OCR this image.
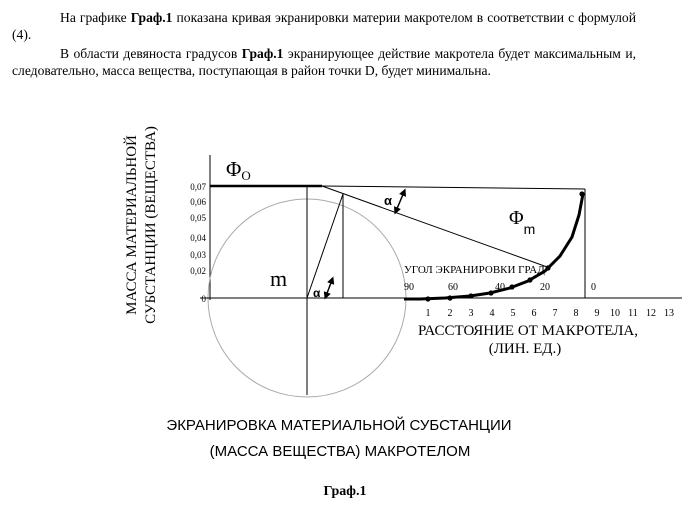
На графике Граф.1 показана кривая экранировки материи макротелом в соответствии с формулой (4).

В области девяноста градусов Граф.1 экранирующее действие макротела будет максимальным и, следовательно, масса вещества, поступающая в район точки D, будет минимальна.

МАССА МАТЕРИАЛЬНОЙ СУБСТАНЦИИ (ВЕЩЕСТВА)	0,07
0,06
0,05
0,04
0,03
0,02
0
ΦO
$\Phi_m$
m
α
α
УГОЛ ЭКРАНИРОВКИ ГРАД
90	60	40	20	0
1 2 3 4 5 6 7 8 9 10 11 12 13
РАССТОЯНИЕ ОТ МАКРОТЕЛА,
(ЛИН. ЕД.)
ЭКРАНИРОВКА МАТЕРИАЛЬНОЙ СУБСТАНЦИИ
(МАССА ВЕЩЕСТВА) МАКРОТЕЛОМ
Граф.1
